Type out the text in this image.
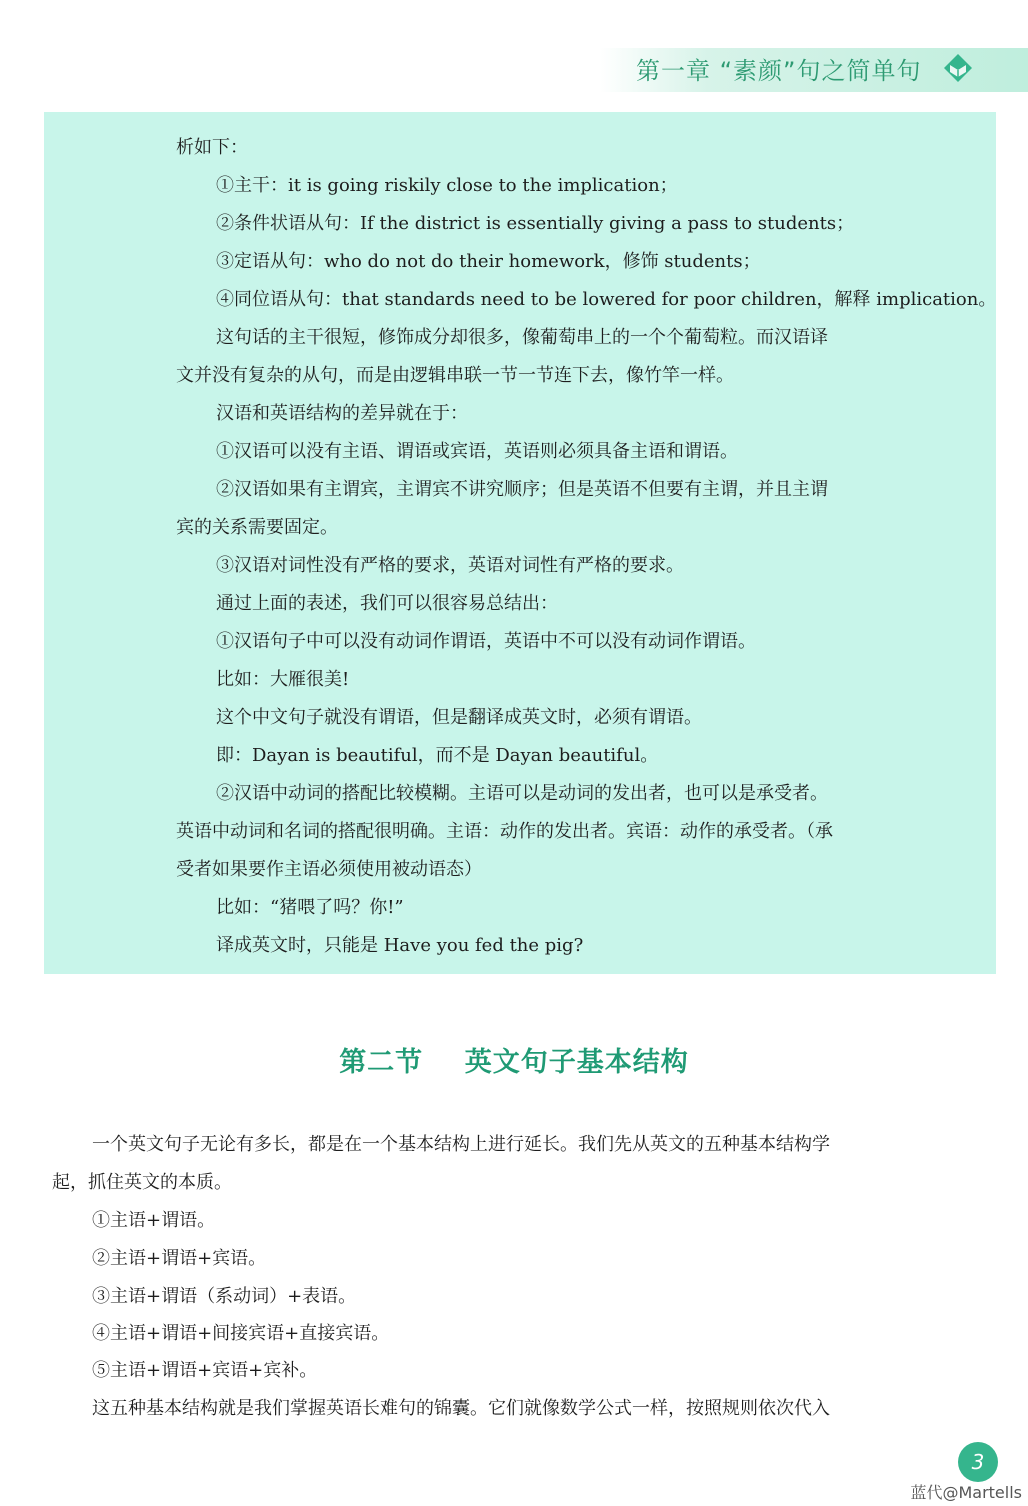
第一章 “素颜”句之简单句
析如下：
①主干：it is going riskily close to the implication；
②条件状语从句：If the district is essentially giving a pass to students；
③定语从句：who do not do their homework，修饰 students；
④同位语从句：that standards need to be lowered for poor children，解释 implication。
这句话的主干很短，修饰成分却很多，像葡萄串上的一个个葡萄粒。而汉语译
文并没有复杂的从句，而是由逻辑串联一节一节连下去，像竹竿一样。
汉语和英语结构的差异就在于：
①汉语可以没有主语、谓语或宾语，英语则必须具备主语和谓语。
②汉语如果有主谓宾，主谓宾不讲究顺序；但是英语不但要有主谓，并且主谓
宾的关系需要固定。
③汉语对词性没有严格的要求，英语对词性有严格的要求。
通过上面的表述，我们可以很容易总结出：
①汉语句子中可以没有动词作谓语，英语中不可以没有动词作谓语。
比如：大雁很美!
这个中文句子就没有谓语，但是翻译成英文时，必须有谓语。
即：Dayan is beautiful，而不是 Dayan beautiful。
②汉语中动词的搭配比较模糊。主语可以是动词的发出者，也可以是承受者。
英语中动词和名词的搭配很明确。主语：动作的发出者。宾语：动作的承受者。（承
受者如果要作主语必须使用被动语态）
比如：“猪喂了吗？你!”
译成英文时，只能是 Have you fed the pig?
第二节    英文句子基本结构
一个英文句子无论有多长，都是在一个基本结构上进行延长。我们先从英文的五种基本结构学
起，抓住英文的本质。
①主语+谓语。
②主语+谓语+宾语。
③主语+谓语（系动词）+表语。
④主语+谓语+间接宾语+直接宾语。
⑤主语+谓语+宾语+宾补。
这五种基本结构就是我们掌握英语长难句的锦囊。它们就像数学公式一样，按照规则依次代入
3
蓝代@Martells
